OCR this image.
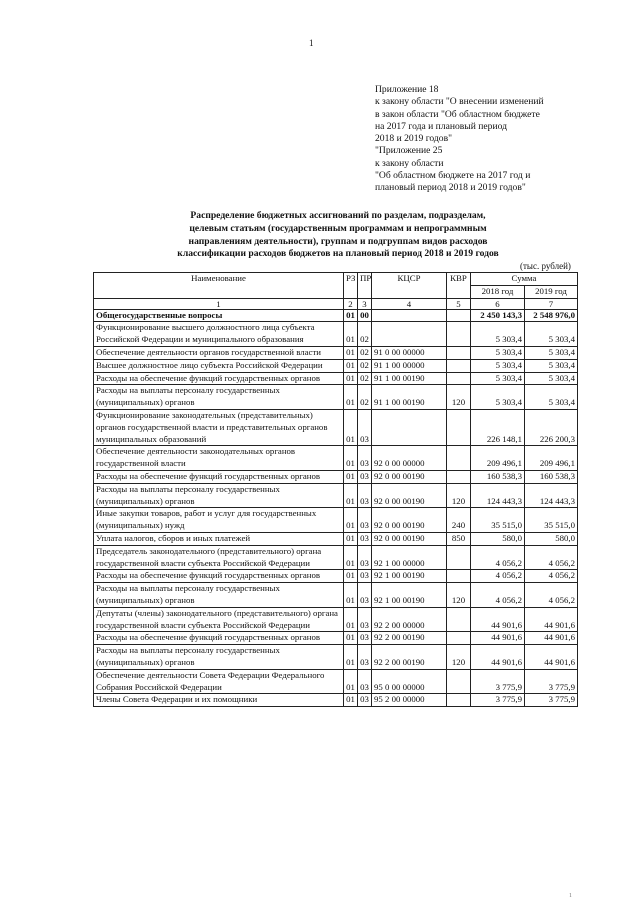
1
Приложение 18
к закону области "О внесении изменений
в закон области "Об областном бюджете
на 2017 года и плановый период
2018 и 2019 годов"
"Приложение 25
к закону области
"Об областном бюджете на 2017 год и
плановый период 2018 и 2019 годов"
Распределение бюджетных ассигнований по разделам, подразделам,
целевым статьям (государственным программам и непрограммным
направлениям деятельности), группам и подгруппам видов расходов
классификации расходов бюджетов на плановый период 2018 и 2019 годов
(тыс. рублей)
Наименование	РЗ	ПР	КЦСР	КВР	Сумма	
					2018 год	2019 год
1	2	3	4	5	6	7
Общегосударственные вопросы	01	00			2 450 143,3	2 548 976,0
Функционирование высшего должностного лица субъекта Российской Федерации и муниципального образования	01	02			5 303,4	5 303,4
Обеспечение деятельности органов государственной власти	01	02	91 0 00 00000		5 303,4	5 303,4
Высшее должностное лицо субъекта Российской Федерации	01	02	91 1 00 00000		5 303,4	5 303,4
Расходы на обеспечение функций государственных органов	01	02	91 1 00 00190		5 303,4	5 303,4
Расходы на выплаты персоналу государственных (муниципальных) органов	01	02	91 1 00 00190	120	5 303,4	5 303,4
Функционирование законодательных (представительных) органов государственной власти и представительных органов муниципальных образований	01	03			226 148,1	226 200,3
Обеспечение деятельности законодательных органов государственной власти	01	03	92 0 00 00000		209 496,1	209 496,1
Расходы на обеспечение функций государственных органов	01	03	92 0 00 00190		160 538,3	160 538,3
Расходы на выплаты персоналу государственных (муниципальных) органов	01	03	92 0 00 00190	120	124 443,3	124 443,3
Иные закупки товаров, работ и услуг для государственных (муниципальных) нужд	01	03	92 0 00 00190	240	35 515,0	35 515,0
Уплата налогов, сборов и иных платежей	01	03	92 0 00 00190	850	580,0	580,0
Председатель законодательного (представительного) органа государственной власти субъекта Российской Федерации	01	03	92 1 00 00000		4 056,2	4 056,2
Расходы на обеспечение функций государственных органов	01	03	92 1 00 00190		4 056,2	4 056,2
Расходы на выплаты персоналу государственных (муниципальных) органов	01	03	92 1 00 00190	120	4 056,2	4 056,2
Депутаты (члены) законодательного (представительного) органа государственной власти субъекта Российской Федерации	01	03	92 2 00 00000		44 901,6	44 901,6
Расходы на обеспечение функций государственных органов	01	03	92 2 00 00190		44 901,6	44 901,6
Расходы на выплаты персоналу государственных (муниципальных) органов	01	03	92 2 00 00190	120	44 901,6	44 901,6
Обеспечение деятельности Совета Федерации Федерального Собрания Российской Федерации	01	03	95 0 00 00000		3 775,9	3 775,9
Члены Совета Федерации и их помощники	01	03	95 2 00 00000		3 775,9	3 775,9
1
